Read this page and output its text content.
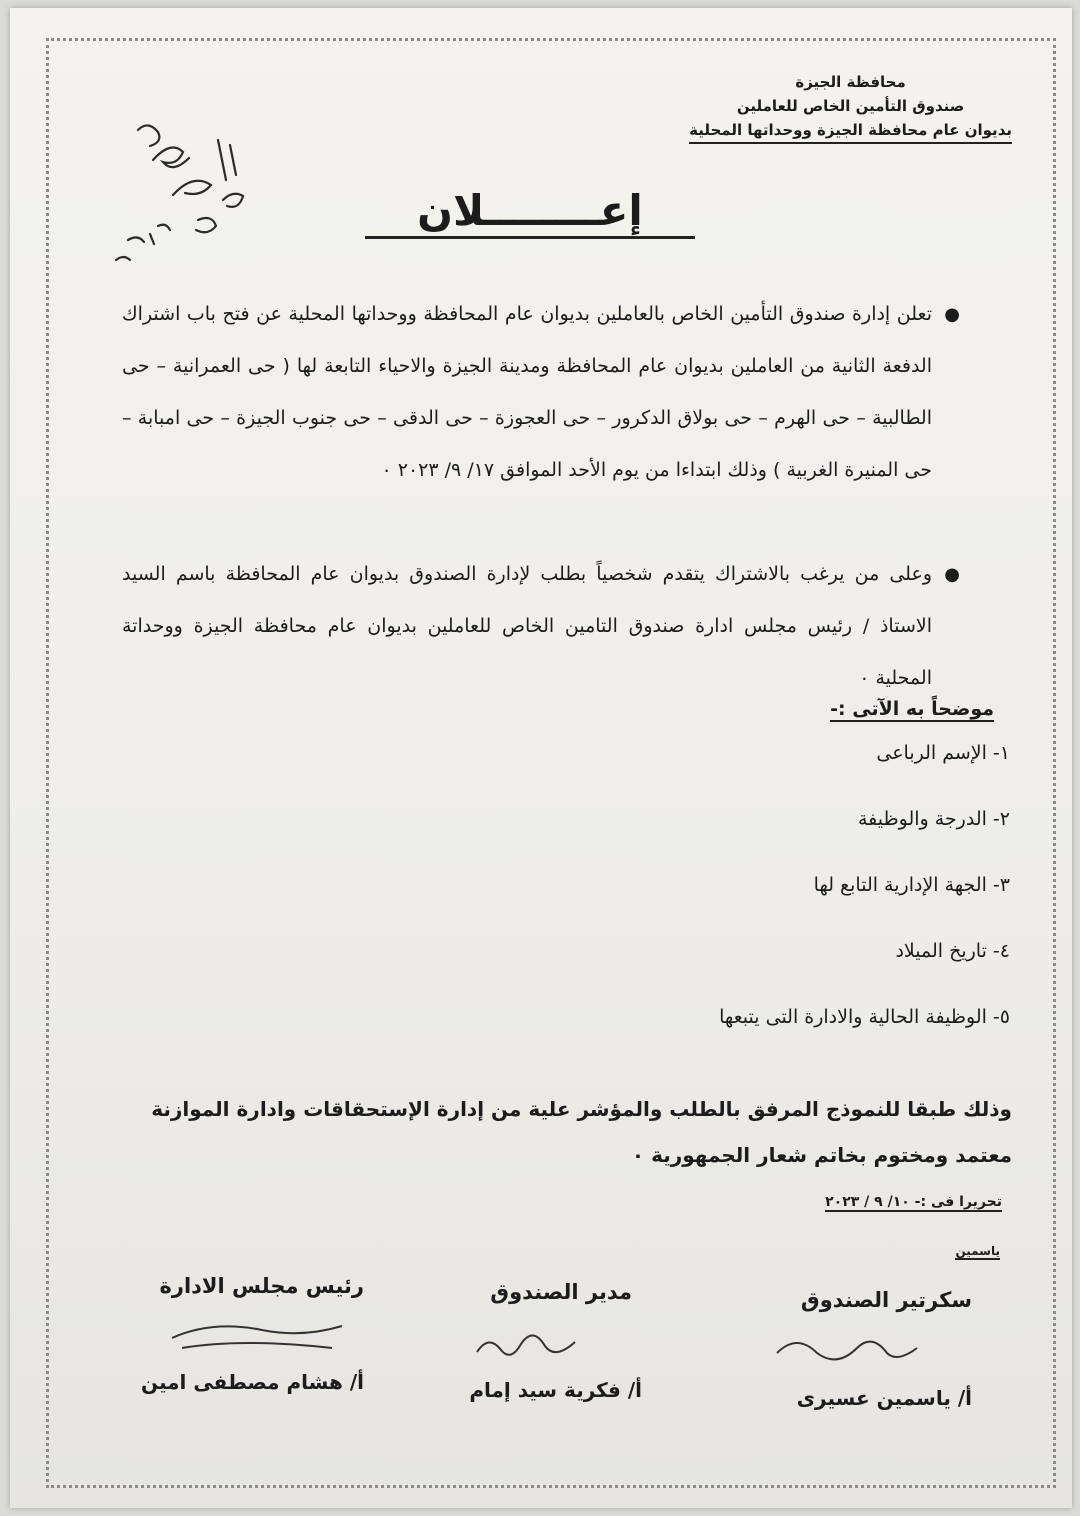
محافظة الجيزة
صندوق التأمين الخاص للعاملين
بديوان عام محافظة الجيزة ووحداتها المحلية
إعــــــــلان
●
تعلن إدارة صندوق التأمين الخاص بالعاملين بديوان عام المحافظة ووحداتها المحلية عن فتح باب اشتراك الدفعة الثانية من العاملين بديوان عام المحافظة ومدينة الجيزة والاحياء التابعة لها ( حى العمرانية – حى الطالبية – حى الهرم – حى بولاق الدكرور – حى العجوزة – حى الدقى – حى جنوب الجيزة – حى امبابة – حى المنيرة الغربية ) وذلك ابتداءا من يوم الأحد الموافق ١٧/ ٩/ ٢٠٢٣ ٠
●
وعلى من يرغب بالاشتراك يتقدم شخصياً بطلب لإدارة الصندوق بديوان عام المحافظة باسم السيد الاستاذ / رئيس مجلس ادارة صندوق التامين الخاص للعاملين بديوان عام محافظة الجيزة ووحداتة المحلية ٠
موضحاً به الآتى :-
١- الإسم الرباعى
٢- الدرجة والوظيفة
٣- الجهة الإدارية التابع لها
٤- تاريخ الميلاد
٥- الوظيفة الحالية والادارة التى يتبعها
وذلك طبقا للنموذج المرفق بالطلب والمؤشر علية من إدارة الإستحقاقات وادارة الموازنة معتمد ومختوم بخاتم شعار الجمهورية ٠
تحريرا فى :- ١٠/ ٩ / ٢٠٢٣
ياسمين
سكرتير الصندوق
أ/ ياسمين عسيرى
مدير الصندوق
أ/ فكرية سيد إمام
رئيس مجلس الادارة
أ/ هشام مصطفى امين
